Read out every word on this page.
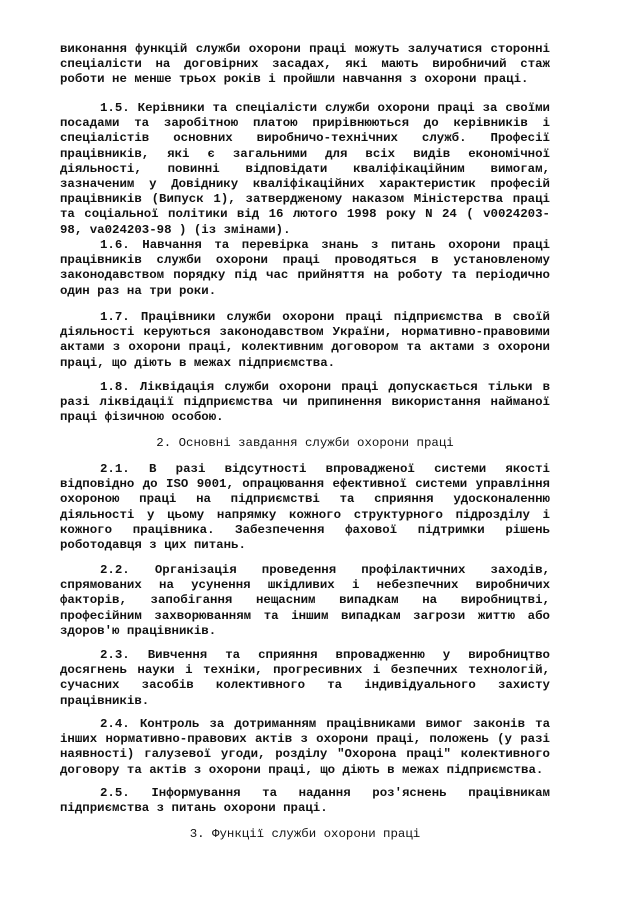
виконання функцій служби охорони праці можуть залучатися сторонні спеціалісти на договірних засадах, які мають виробничий стаж роботи не менше трьох років і пройшли навчання з охорони праці.

1.5. Керівники та спеціалісти служби охорони праці за своїми посадами та заробітною платою прирівнюються до керівників і спеціалістів основних виробничо-технічних служб. Професії працівників, які є загальними для всіх видів економічної діяльності, повинні відповідати кваліфікаційним вимогам, зазначеним у Довіднику кваліфікаційних характеристик професій працівників (Випуск 1), затвердженому наказом Міністерства праці та соціальної політики від 16 лютого 1998 року N 24 ( v0024203-98, va024203-98 ) (із змінами).

1.6. Навчання та перевірка знань з питань охорони праці працівників служби охорони праці проводяться в установленому законодавством порядку під час прийняття на роботу та періодично один раз на три роки.

1.7. Працівники служби охорони праці підприємства в своїй діяльності керуються законодавством України, нормативно-правовими актами з охорони праці, колективним договором та актами з охорони праці, що діють в межах підприємства.

1.8. Ліквідація служби охорони праці допускається тільки в разі ліквідації підприємства чи припинення використання найманої праці фізичною особою.

2. Основні завдання служби охорони праці

2.1. В разі відсутності впровадженої системи якості відповідно до ISO 9001, опрацювання ефективної системи управління охороною праці на підприємстві та сприяння удосконаленню діяльності у цьому напрямку кожного структурного підрозділу і кожного працівника. Забезпечення фахової підтримки рішень роботодавця з цих питань.

2.2. Організація проведення профілактичних заходів, спрямованих на усунення шкідливих і небезпечних виробничих факторів, запобігання нещасним випадкам на виробництві, професійним захворюванням та іншим випадкам загрози життю або здоров'ю працівників.

2.3. Вивчення та сприяння впровадженню у виробництво досягнень науки і техніки, прогресивних і безпечних технологій, сучасних засобів колективного та індивідуального захисту працівників.

2.4. Контроль за дотриманням працівниками вимог законів та інших нормативно-правових актів з охорони праці, положень (у разі наявності) галузевої угоди, розділу "Охорона праці" колективного договору та актів з охорони праці, що діють в межах підприємства.

2.5. Інформування та надання роз'яснень працівникам підприємства з питань охорони праці.

3. Функції служби охорони праці
